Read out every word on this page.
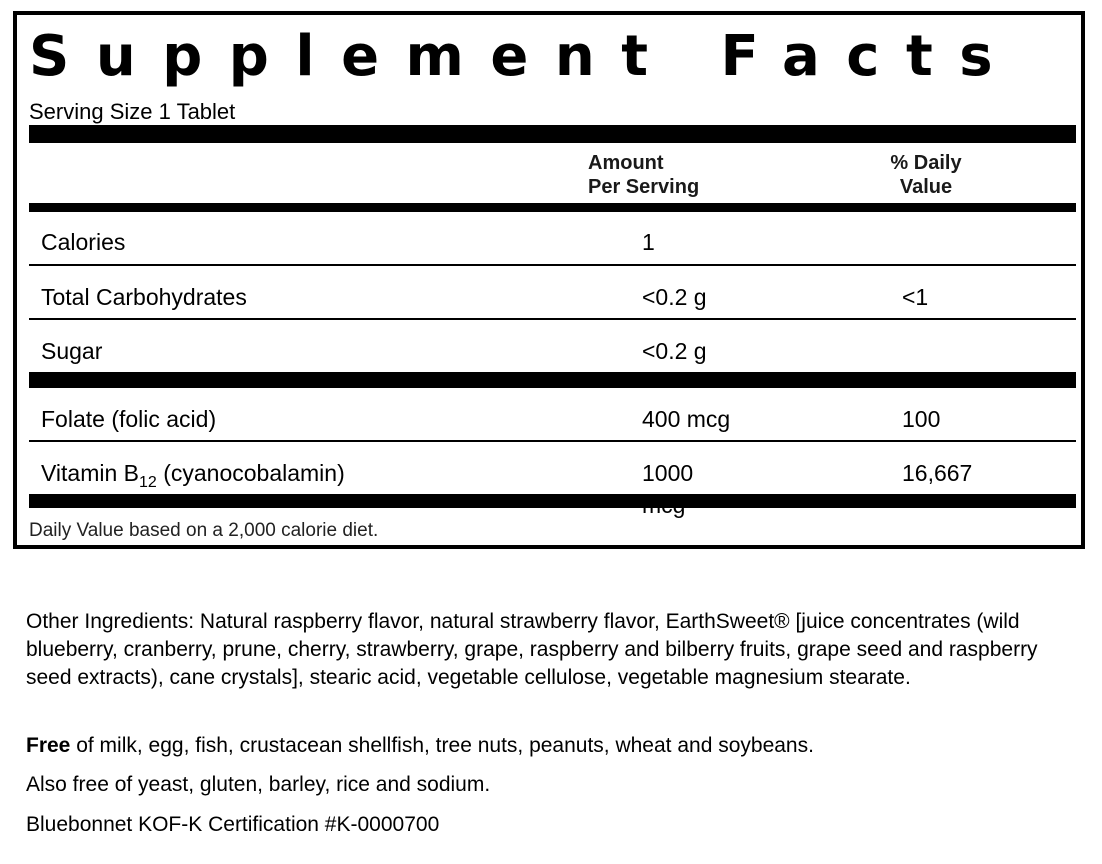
Supplement Facts
Serving Size 1 Tablet
Amount
Per Serving
% Daily
Value
Calories	1
Total Carbohydrates	<0.2 g	<1
Sugar	<0.2 g
Folate (folic acid)	400 mcg	100
Vitamin $B_{12}$ (cyanocobalamin)	1000	16,667
Daily Value based on a 2,000 calorie diet.

Other Ingredients: Natural raspberry flavor, natural strawberry flavor, EarthSweet® [juice concentrates (wild blueberry, cranberry, prune, cherry, strawberry, grape, raspberry and bilberry fruits, grape seed and raspberry seed extracts), cane crystals], stearic acid, vegetable cellulose, vegetable magnesium stearate.

Free of milk, egg, fish, crustacean shellfish, tree nuts, peanuts, wheat and soybeans.

Also free of yeast, gluten, barley, rice and sodium.

Bluebonnet KOF-K Certification #K-0000700
